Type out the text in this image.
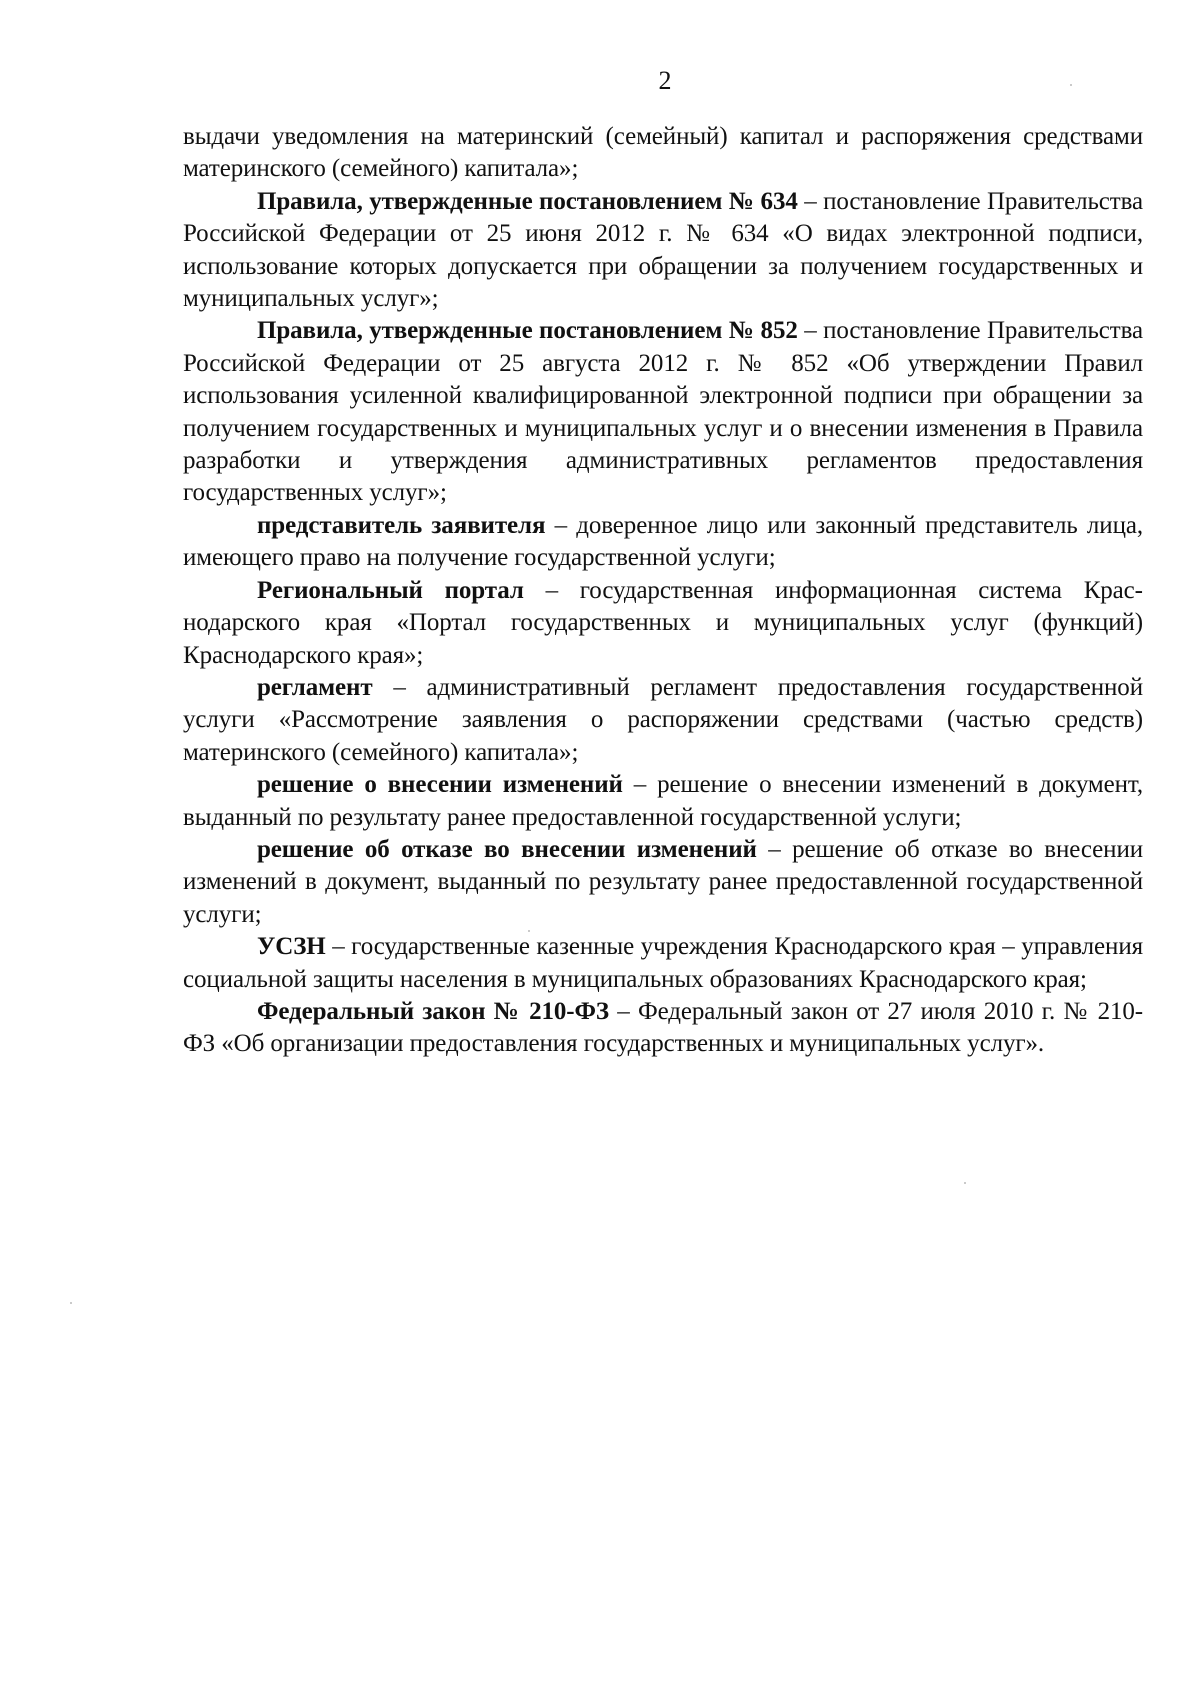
2

выдачи уведомления на материнский (семейный) капитал и распоряжения средствами материнского (семейного) капитала»;

Правила, утвержденные постановлением № 634 – постановление Правительства Российской Федерации от 25 июня 2012 г. № 634 «О видах электронной подписи, использование которых допускается при обращении за получением государственных и муниципальных услуг»;

Правила, утвержденные постановлением № 852 – постановление Правительства Российской Федерации от 25 августа 2012 г. № 852 «Об утверждении Правил использования усиленной квалифицированной электронной подписи при обращении за получением государственных и муниципальных услуг и о внесении изменения в Правила разработки и утверждения административных регламентов предоставления государственных услуг»;

представитель заявителя – доверенное лицо или законный представитель лица, имеющего право на получение государственной услуги;

Региональный портал – государственная информационная система Краснодарского края «Портал государственных и муниципальных услуг (функций) Краснодарского края»;

регламент – административный регламент предоставления государственной услуги «Рассмотрение заявления о распоряжении средствами (частью средств) материнского (семейного) капитала»;

решение о внесении изменений – решение о внесении изменений в документ, выданный по результату ранее предоставленной государственной услуги;

решение об отказе во внесении изменений – решение об отказе во внесении изменений в документ, выданный по результату ранее предоставленной государственной услуги;

УСЗН – государственные казенные учреждения Краснодарского края – управления социальной защиты населения в муниципальных образованиях Краснодарского края;

Федеральный закон № 210-ФЗ – Федеральный закон от 27 июля 2010 г. № 210-ФЗ «Об организации предоставления государственных и муниципальных услуг».
